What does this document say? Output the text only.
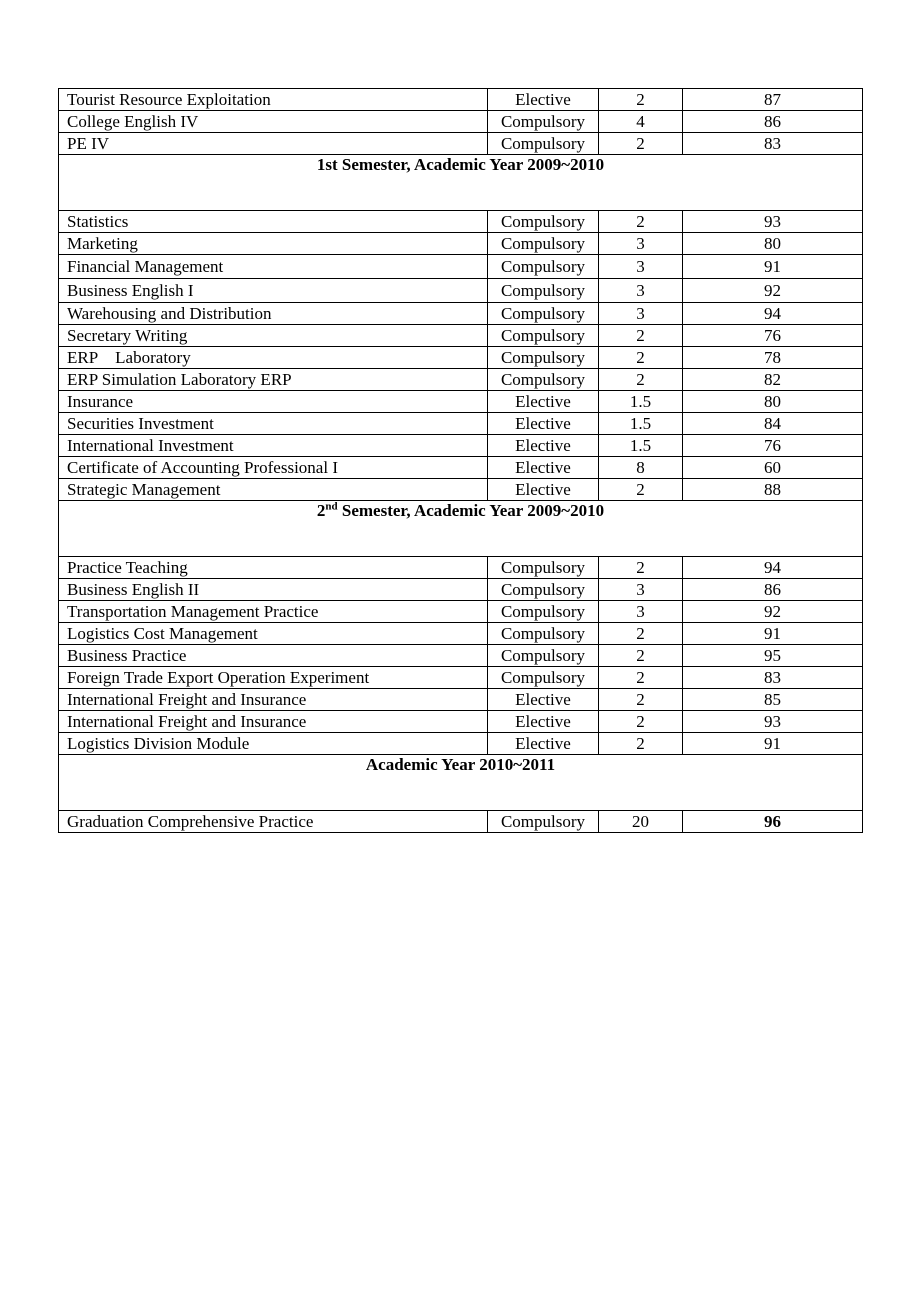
Tourist Resource Exploitation	Elective	2	87
College English IV	Compulsory	4	86
PE IV	Compulsory	2	83
1st Semester, Academic Year 2009~2010			
Statistics	Compulsory	2	93
Marketing	Compulsory	3	80
Financial Management	Compulsory	3	91
Business English I	Compulsory	3	92
Warehousing and Distribution	Compulsory	3	94
Secretary Writing	Compulsory	2	76
ERP    Laboratory	Compulsory	2	78
ERP Simulation Laboratory ERP	Compulsory	2	82
Insurance	Elective	1.5	80
Securities Investment	Elective	1.5	84
International Investment	Elective	1.5	76
Certificate of Accounting Professional I	Elective	8	60
Strategic Management	Elective	2	88
2nd Semester, Academic Year 2009~2010			
Practice Teaching	Compulsory	2	94
Business English II	Compulsory	3	86
Transportation Management Practice	Compulsory	3	92
Logistics Cost Management	Compulsory	2	91
Business Practice	Compulsory	2	95
Foreign Trade Export Operation Experiment	Compulsory	2	83
International Freight and Insurance	Elective	2	85
International Freight and Insurance	Elective	2	93
Logistics Division Module	Elective	2	91
Academic Year 2010~2011			
Graduation Comprehensive Practice	Compulsory	20	96
